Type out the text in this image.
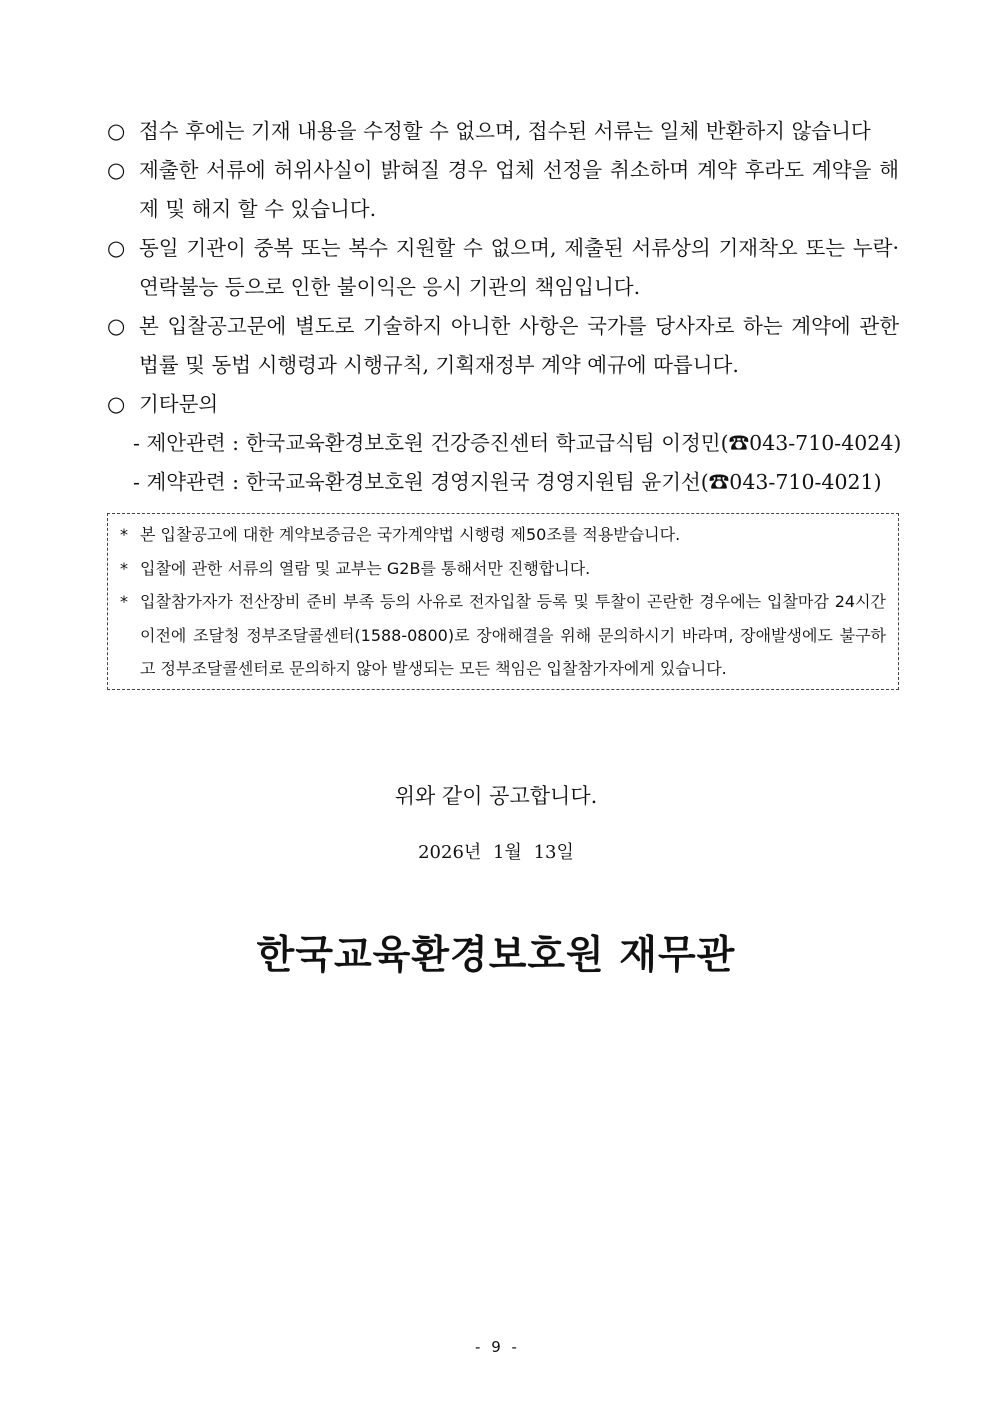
○ 접수 후에는 기재 내용을 수정할 수 없으며, 접수된 서류는 일체 반환하지 않습니다
○ 제출한 서류에 허위사실이 밝혀질 경우 업체 선정을 취소하며 계약 후라도 계약을 해제 및 해지 할 수 있습니다.
○ 동일 기관이 중복 또는 복수 지원할 수 없으며, 제출된 서류상의 기재착오 또는 누락·연락불능 등으로 인한 불이익은 응시 기관의 책임입니다.
○ 본 입찰공고문에 별도로 기술하지 아니한 사항은 국가를 당사자로 하는 계약에 관한 법률 및 동법 시행령과 시행규칙, 기획재정부 계약 예규에 따릅니다.
○ 기타문의
- 제안관련 : 한국교육환경보호원 건강증진센터 학교급식팀 이정민(☎043-710-4024)
- 계약관련 : 한국교육환경보호원 경영지원국 경영지원팀 윤기선(☎043-710-4021)
* 본 입찰공고에 대한 계약보증금은 국가계약법 시행령 제50조를 적용받습니다.
* 입찰에 관한 서류의 열람 및 교부는 G2B를 통해서만 진행합니다.
* 입찰참가자가 전산장비 준비 부족 등의 사유로 전자입찰 등록 및 투찰이 곤란한 경우에는 입찰마감 24시간 이전에 조달청 정부조달콜센터(1588-0800)로 장애해결을 위해 문의하시기 바라며, 장애발생에도 불구하고 정부조달콜센터로 문의하지 않아 발생되는 모든 책임은 입찰참가자에게 있습니다.
위와 같이 공고합니다.
2026년 1월 13일
한국교육환경보호원 재무관
- 9 -
